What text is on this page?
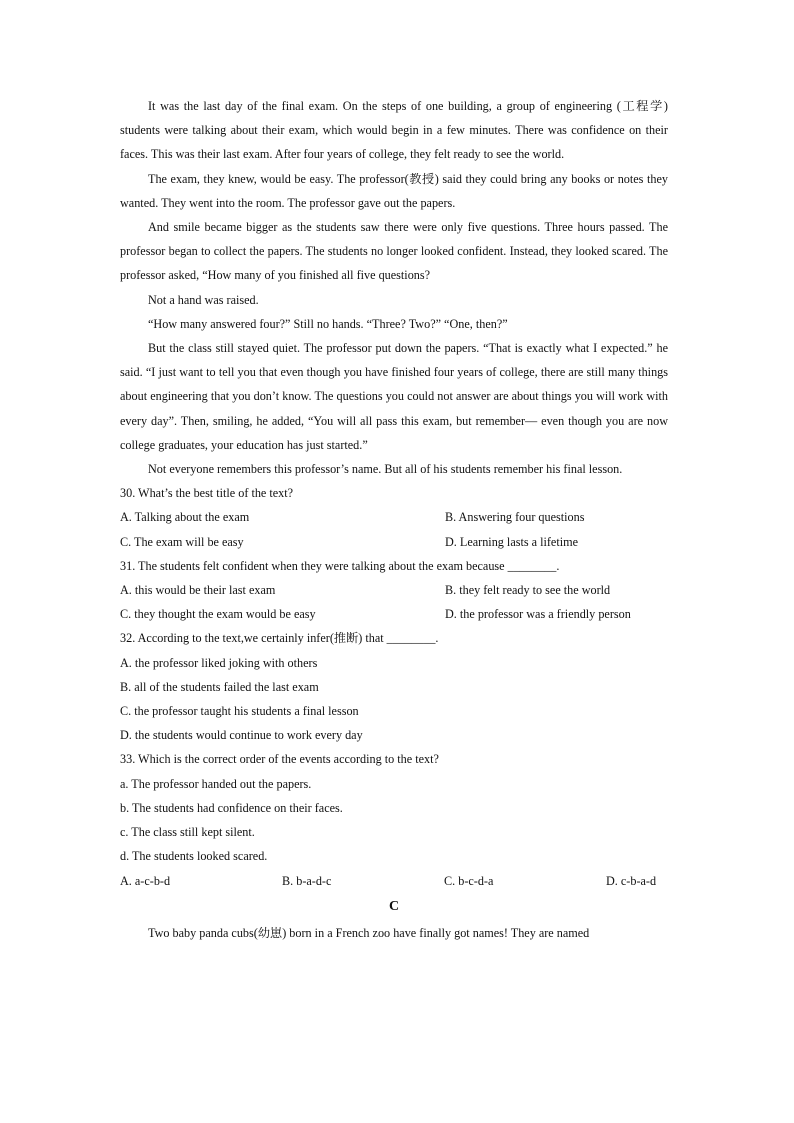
It was the last day of the final exam. On the steps of one building, a group of engineering (工程学) students were talking about their exam, which would begin in a few minutes. There was confidence on their faces. This was their last exam. After four years of college, they felt ready to see the world.

The exam, they knew, would be easy. The professor(教授) said they could bring any books or notes they wanted. They went into the room. The professor gave out the papers.

And smile became bigger as the students saw there were only five questions. Three hours passed. The professor began to collect the papers. The students no longer looked confident. Instead, they looked scared. The professor asked, “How many of you finished all five questions?

Not a hand was raised.

“How many answered four?” Still no hands. “Three? Two?” “One, then?”

But the class still stayed quiet. The professor put down the papers. “That is exactly what I expected.” he said. “I just want to tell you that even though you have finished four years of college, there are still many things about engineering that you don’t know. The questions you could not answer are about things you will work with every day”. Then, smiling, he added, “You will all pass this exam, but remember— even though you are now college graduates, your education has just started.”

Not everyone remembers this professor’s name. But all of his students remember his final lesson.

30. What’s the best title of the text?

A. Talking about the exam	B. Answering four questions
C. The exam will be easy	D. Learning lasts a lifetime

31. The students felt confident when they were talking about the exam because ________.

A. this would be their last exam	B. they felt ready to see the world
C. they thought the exam would be easy	D. the professor was a friendly person

32. According to the text,we certainly infer(推断) that ________.

A. the professor liked joking with others

B. all of the students failed the last exam

C. the professor taught his students a final lesson

D. the students would continue to work every day

33. Which is the correct order of the events according to the text?

a. The professor handed out the papers.

b. The students had confidence on their faces.

c. The class still kept silent.

d. The students looked scared.

A. a-c-b-d	B. b-a-d-c	C. b-c-d-a	D. c-b-a-d

C

Two baby panda cubs(幼崽) born in a French zoo have finally got names! They are named
